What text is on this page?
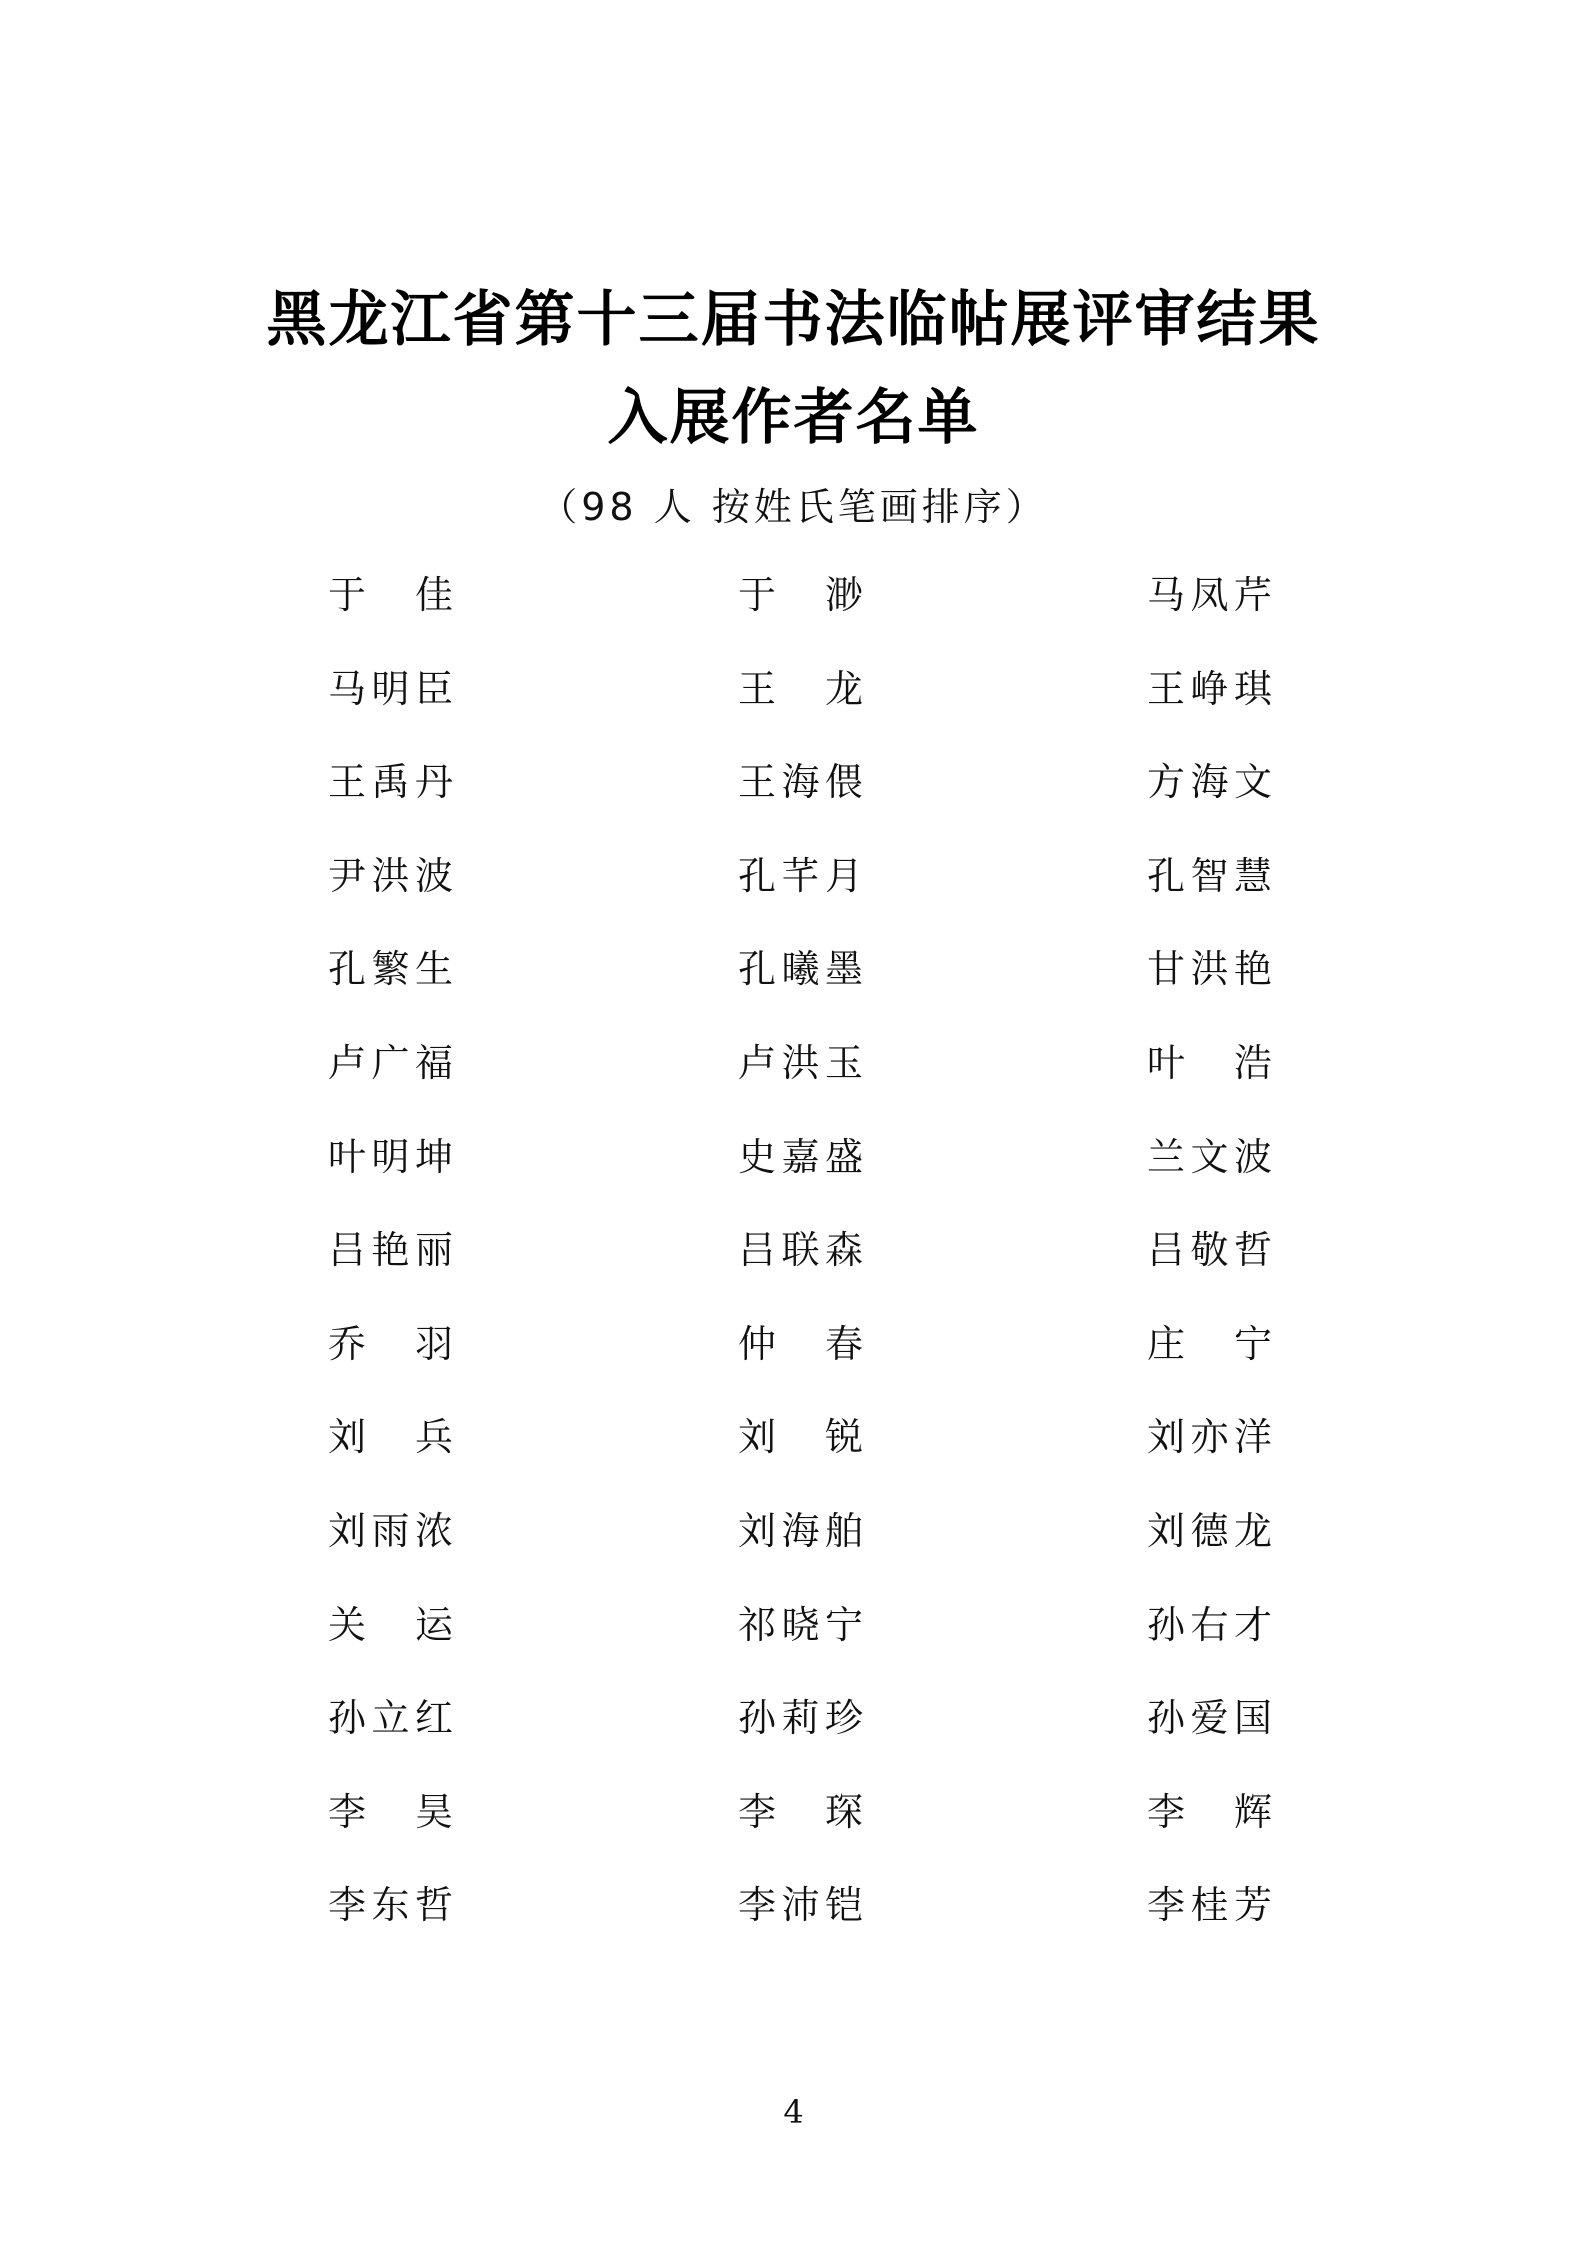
黑龙江省第十三届书法临帖展评审结果
入展作者名单
（98 人 按姓氏笔画排序）
于 佳	于 渺	马凤芹
马明臣	王 龙	王峥琪
王禹丹	王海偎	方海文
尹洪波	孔芊月	孔智慧
孔繁生	孔曦墨	甘洪艳
卢广福	卢洪玉	叶 浩
叶明坤	史嘉盛	兰文波
吕艳丽	吕联森	吕敬哲
乔 羽	仲 春	庄 宁
刘 兵	刘 锐	刘亦洋
刘雨浓	刘海舶	刘德龙
关 运	祁晓宁	孙右才
孙立红	孙莉珍	孙爱国
李 昊	李 琛	李 辉
李东哲	李沛铠	李桂芳
4
